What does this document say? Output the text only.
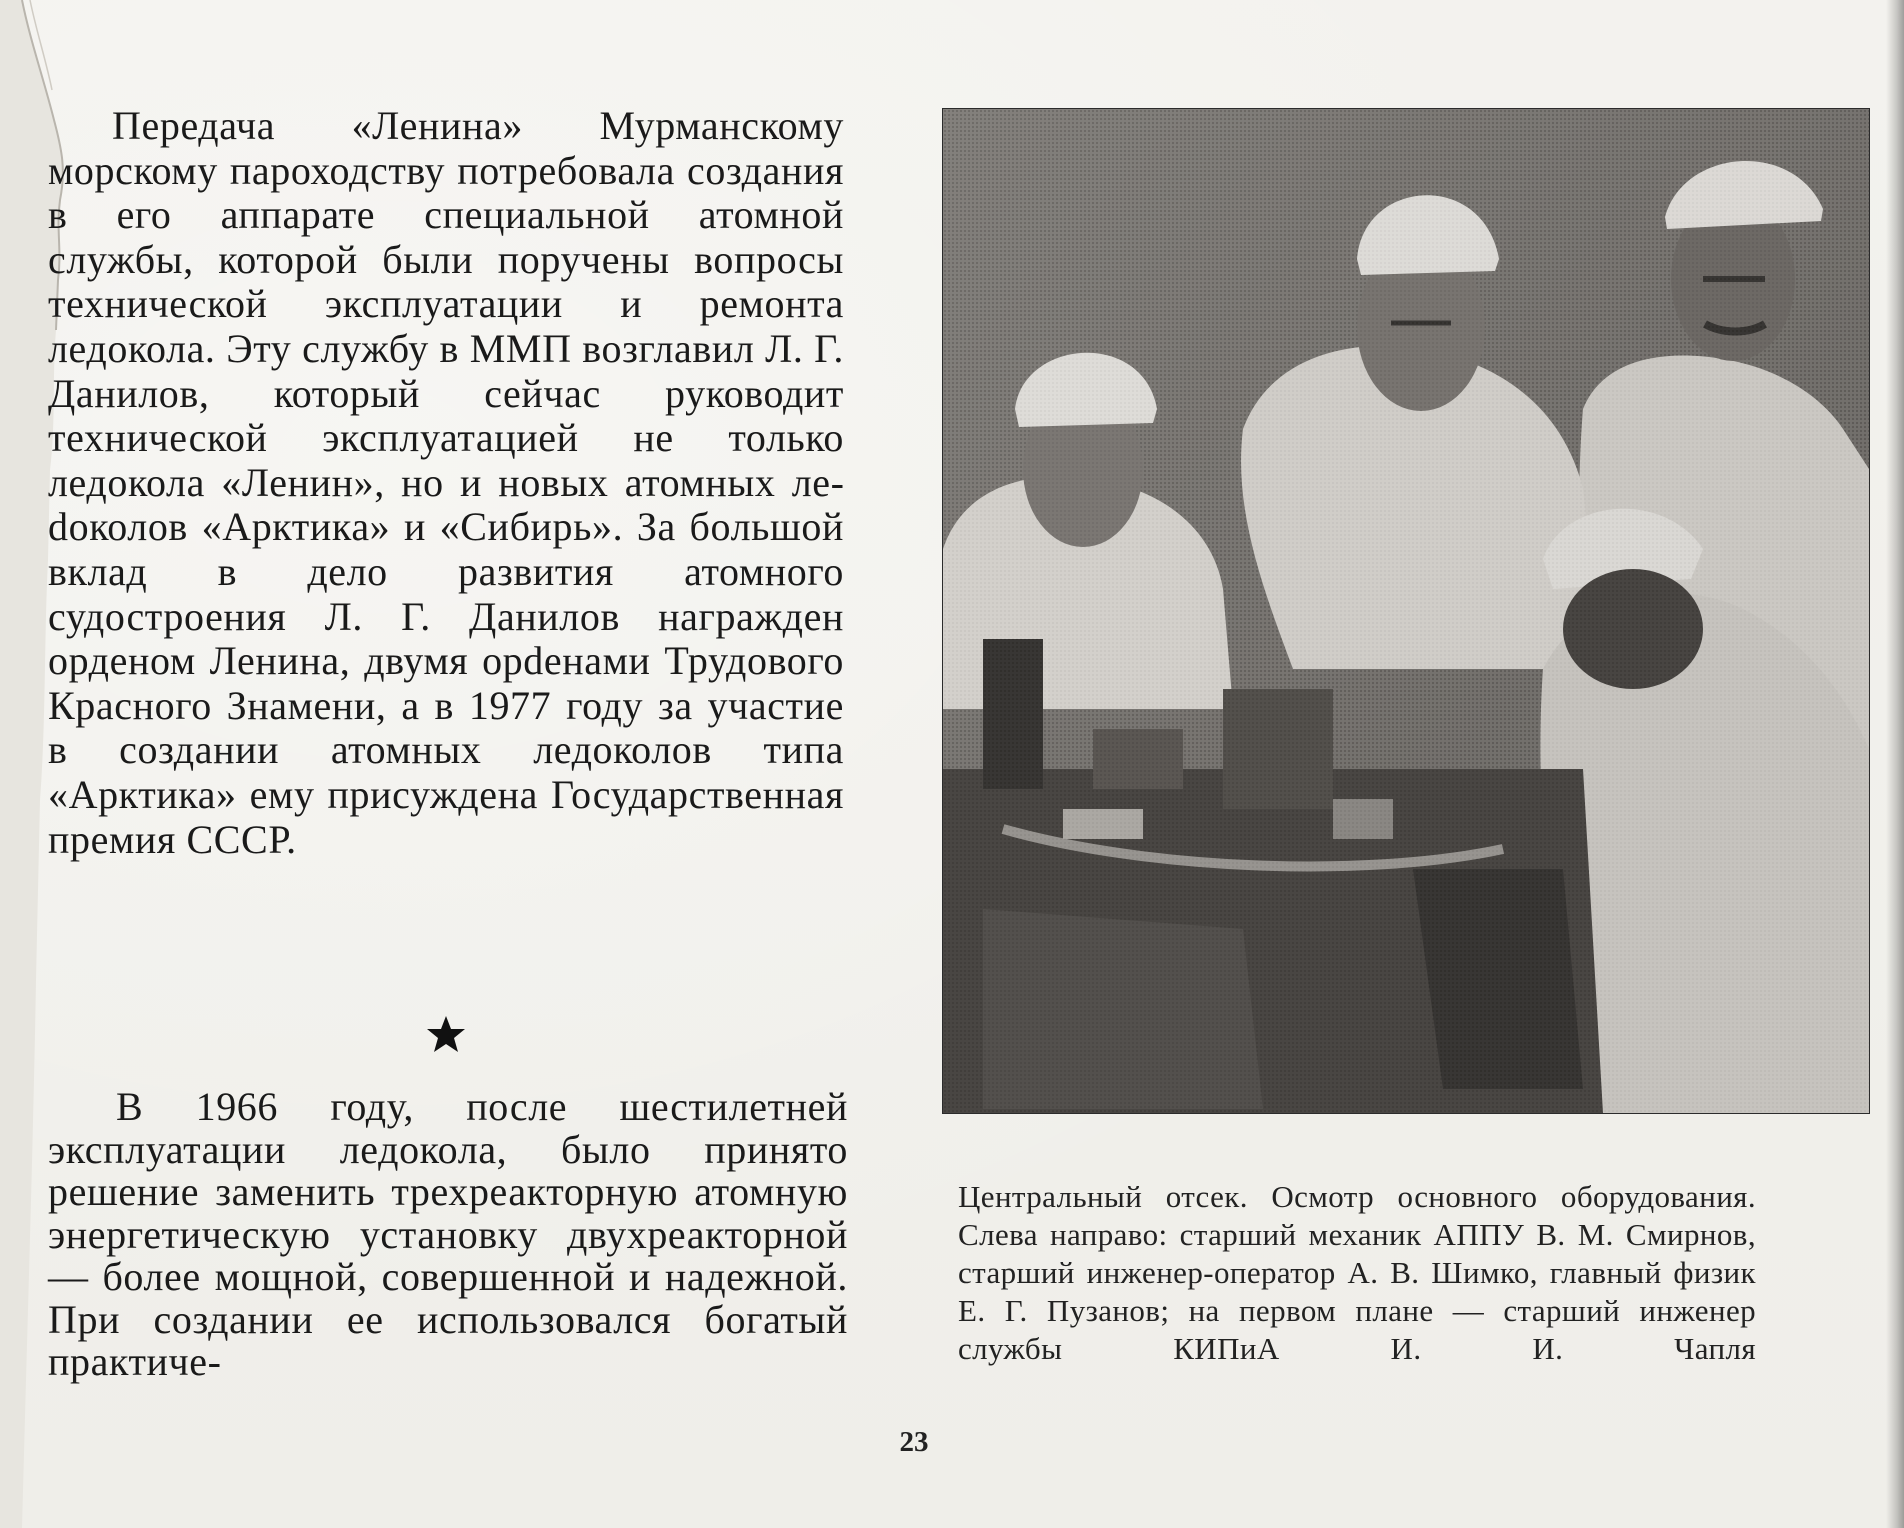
Передача «Ленина» Мурманскому морскому пароходству потребовала создания в его аппарате специальной атомной службы, которой были поручены вопросы технической эксплуатации и ремонта ледокола. Эту службу в ММП возглавил Л. Г. Данилов, который сейчас руководит технической эксплуатацией не только ледокола «Ленин», но и новых атомных леdоколов «Арктика» и «Сибирь». За большой вклад в дело развития атомного судостроения Л. Г. Данилов награжден орденом Ленина, двумя орdенами Трудового Красного Знамени, а в 1977 году за участие в создании атомных ледоколов типа «Арктика» ему присуждена Государственная премия СССР.

В 1966 году, после шестилетней эксплуатации ледокола, было принято решение заменить трехреакторную атомную энергетическую установку двухреакторной — более мощной, совершенной и надежной. При создании ее использовался богатый практиче-

Центральный отсек. Осмотр основного оборудования. Слева направо: старший механик АППУ В. М. Смирнов, старший инженер-оператор А. В. Шимко, главный физик Е. Г. Пузанов; на первом плане — старший инженер службы КИПиА И. И. Чапля

23
